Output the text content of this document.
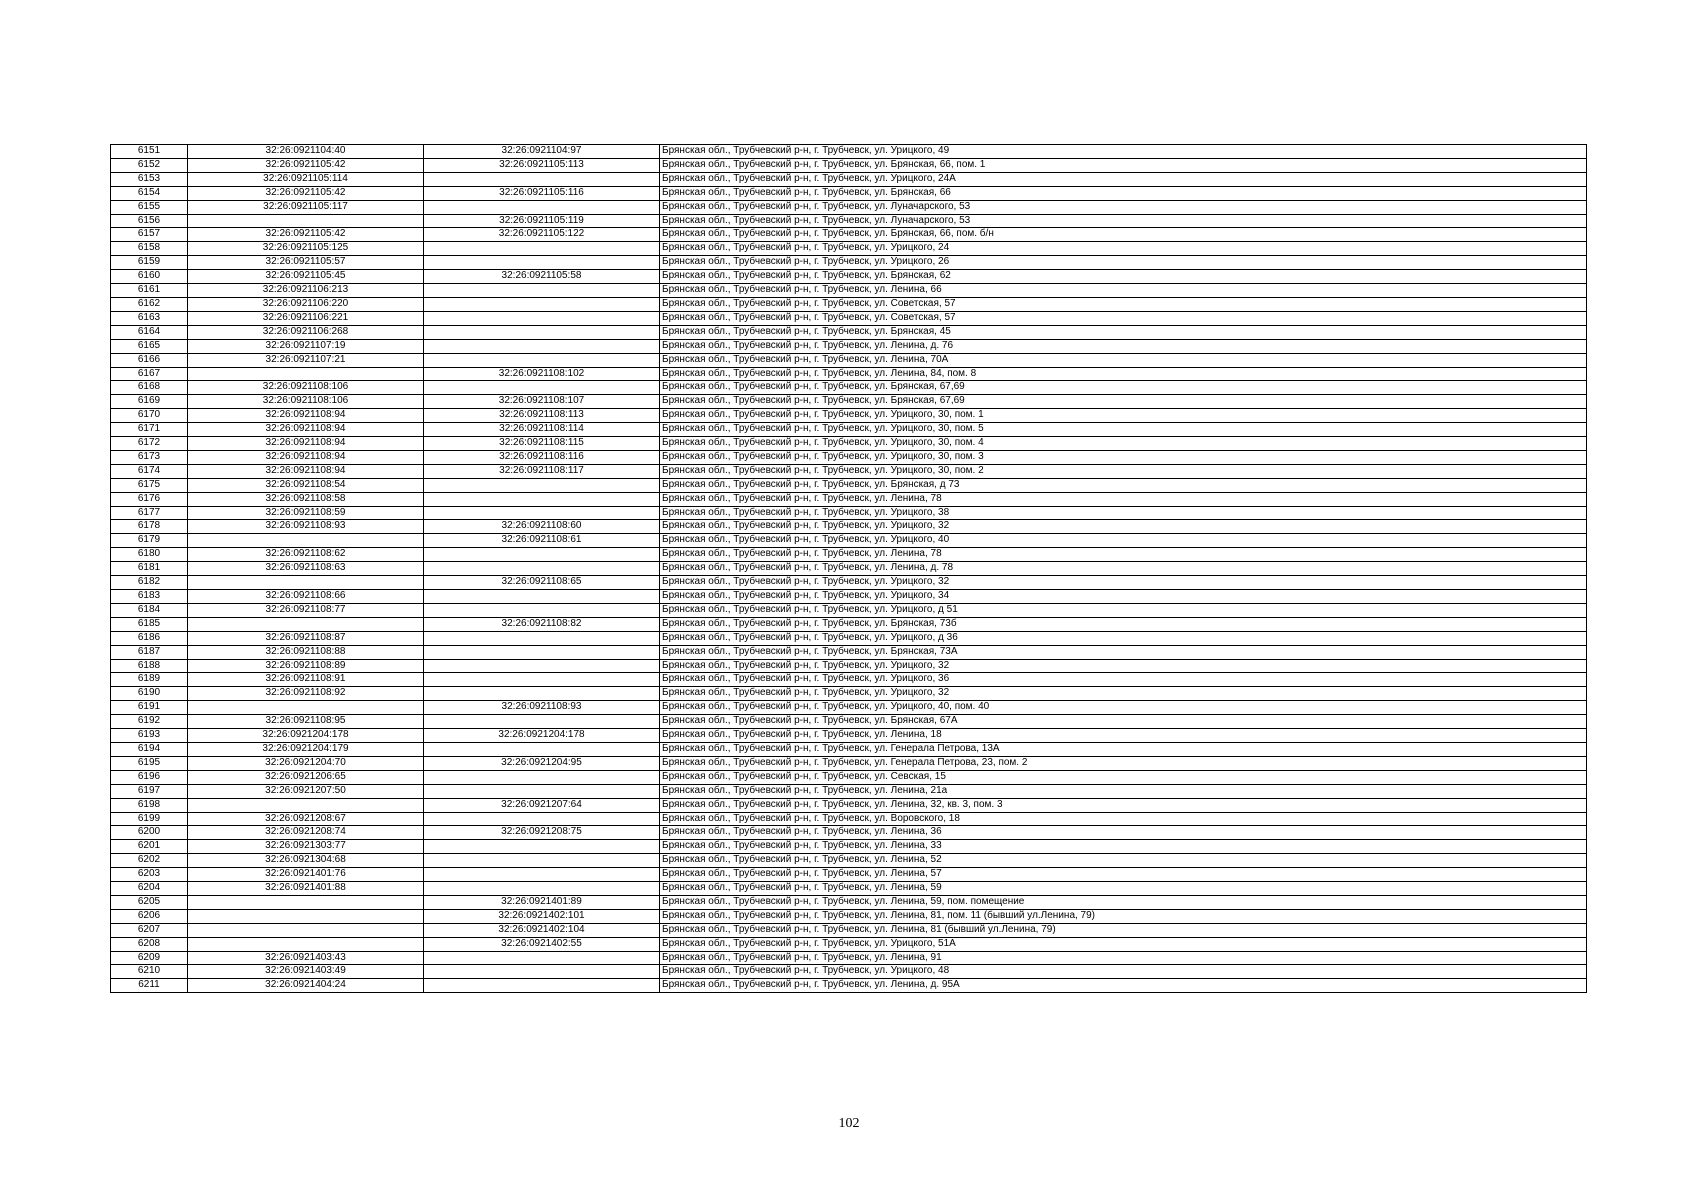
6151	32:26:0921104:40	32:26:0921104:97	Брянская обл., Трубчевский р-н, г. Трубчевск, ул. Урицкого, 49
6152	32:26:0921105:42	32:26:0921105:113	Брянская обл., Трубчевский р-н, г. Трубчевск, ул. Брянская, 66, пом. 1
6153	32:26:0921105:114		Брянская обл., Трубчевский р-н, г. Трубчевск, ул. Урицкого, 24А
6154	32:26:0921105:42	32:26:0921105:116	Брянская обл., Трубчевский р-н, г. Трубчевск, ул. Брянская, 66
6155	32:26:0921105:117		Брянская обл., Трубчевский р-н, г. Трубчевск, ул. Луначарского, 53
6156		32:26:0921105:119	Брянская обл., Трубчевский р-н, г. Трубчевск, ул. Луначарского, 53
6157	32:26:0921105:42	32:26:0921105:122	Брянская обл., Трубчевский р-н, г. Трубчевск, ул. Брянская, 66, пом. б/н
6158	32:26:0921105:125		Брянская обл., Трубчевский р-н, г. Трубчевск, ул. Урицкого, 24
6159	32:26:0921105:57		Брянская обл., Трубчевский р-н, г. Трубчевск, ул. Урицкого, 26
6160	32:26:0921105:45	32:26:0921105:58	Брянская обл., Трубчевский р-н, г. Трубчевск, ул. Брянская, 62
6161	32:26:0921106:213		Брянская обл., Трубчевский р-н, г. Трубчевск, ул. Ленина, 66
6162	32:26:0921106:220		Брянская обл., Трубчевский р-н, г. Трубчевск, ул. Советская, 57
6163	32:26:0921106:221		Брянская обл., Трубчевский р-н, г. Трубчевск, ул. Советская, 57
6164	32:26:0921106:268		Брянская обл., Трубчевский р-н, г. Трубчевск, ул. Брянская, 45
6165	32:26:0921107:19		Брянская обл., Трубчевский р-н, г. Трубчевск, ул. Ленина, д. 76
6166	32:26:0921107:21		Брянская обл., Трубчевский р-н, г. Трубчевск, ул. Ленина, 70А
6167		32:26:0921108:102	Брянская обл., Трубчевский р-н, г. Трубчевск, ул. Ленина, 84, пом. 8
6168	32:26:0921108:106		Брянская обл., Трубчевский р-н, г. Трубчевск, ул. Брянская, 67,69
6169	32:26:0921108:106	32:26:0921108:107	Брянская обл., Трубчевский р-н, г. Трубчевск, ул. Брянская, 67,69
6170	32:26:0921108:94	32:26:0921108:113	Брянская обл., Трубчевский р-н, г. Трубчевск, ул. Урицкого, 30, пом. 1
6171	32:26:0921108:94	32:26:0921108:114	Брянская обл., Трубчевский р-н, г. Трубчевск, ул. Урицкого, 30, пом. 5
6172	32:26:0921108:94	32:26:0921108:115	Брянская обл., Трубчевский р-н, г. Трубчевск, ул. Урицкого, 30, пом. 4
6173	32:26:0921108:94	32:26:0921108:116	Брянская обл., Трубчевский р-н, г. Трубчевск, ул. Урицкого, 30, пом. 3
6174	32:26:0921108:94	32:26:0921108:117	Брянская обл., Трубчевский р-н, г. Трубчевск, ул. Урицкого, 30, пом. 2
6175	32:26:0921108:54		Брянская обл., Трубчевский р-н, г. Трубчевск, ул. Брянская, д 73
6176	32:26:0921108:58		Брянская обл., Трубчевский р-н, г. Трубчевск, ул. Ленина, 78
6177	32:26:0921108:59		Брянская обл., Трубчевский р-н, г. Трубчевск, ул. Урицкого, 38
6178	32:26:0921108:93	32:26:0921108:60	Брянская обл., Трубчевский р-н, г. Трубчевск, ул. Урицкого, 32
6179		32:26:0921108:61	Брянская обл., Трубчевский р-н, г. Трубчевск, ул. Урицкого, 40
6180	32:26:0921108:62		Брянская обл., Трубчевский р-н, г. Трубчевск, ул. Ленина, 78
6181	32:26:0921108:63		Брянская обл., Трубчевский р-н, г. Трубчевск, ул. Ленина, д. 78
6182		32:26:0921108:65	Брянская обл., Трубчевский р-н, г. Трубчевск, ул. Урицкого, 32
6183	32:26:0921108:66		Брянская обл., Трубчевский р-н, г. Трубчевск, ул. Урицкого, 34
6184	32:26:0921108:77		Брянская обл., Трубчевский р-н, г. Трубчевск, ул. Урицкого, д 51
6185		32:26:0921108:82	Брянская обл., Трубчевский р-н, г. Трубчевск, ул. Брянская, 73б
6186	32:26:0921108:87		Брянская обл., Трубчевский р-н, г. Трубчевск, ул. Урицкого, д 36
6187	32:26:0921108:88		Брянская обл., Трубчевский р-н, г. Трубчевск, ул. Брянская, 73А
6188	32:26:0921108:89		Брянская обл., Трубчевский р-н, г. Трубчевск, ул. Урицкого, 32
6189	32:26:0921108:91		Брянская обл., Трубчевский р-н, г. Трубчевск, ул. Урицкого, 36
6190	32:26:0921108:92		Брянская обл., Трубчевский р-н, г. Трубчевск, ул. Урицкого, 32
6191		32:26:0921108:93	Брянская обл., Трубчевский р-н, г. Трубчевск, ул. Урицкого, 40, пом. 40
6192	32:26:0921108:95		Брянская обл., Трубчевский р-н, г. Трубчевск, ул. Брянская, 67А
6193	32:26:0921204:178	32:26:0921204:178	Брянская обл., Трубчевский р-н, г. Трубчевск, ул. Ленина, 18
6194	32:26:0921204:179		Брянская обл., Трубчевский р-н, г. Трубчевск, ул. Генерала Петрова, 13А
6195	32:26:0921204:70	32:26:0921204:95	Брянская обл., Трубчевский р-н, г. Трубчевск, ул. Генерала Петрова, 23, пом. 2
6196	32:26:0921206:65		Брянская обл., Трубчевский р-н, г. Трубчевск, ул. Севская, 15
6197	32:26:0921207:50		Брянская обл., Трубчевский р-н, г. Трубчевск, ул. Ленина, 21а
6198		32:26:0921207:64	Брянская обл., Трубчевский р-н, г. Трубчевск, ул. Ленина, 32, кв. 3, пом. 3
6199	32:26:0921208:67		Брянская обл., Трубчевский р-н, г. Трубчевск, ул. Воровского, 18
6200	32:26:0921208:74	32:26:0921208:75	Брянская обл., Трубчевский р-н, г. Трубчевск, ул. Ленина, 36
6201	32:26:0921303:77		Брянская обл., Трубчевский р-н, г. Трубчевск, ул. Ленина, 33
6202	32:26:0921304:68		Брянская обл., Трубчевский р-н, г. Трубчевск, ул. Ленина, 52
6203	32:26:0921401:76		Брянская обл., Трубчевский р-н, г. Трубчевск, ул. Ленина, 57
6204	32:26:0921401:88		Брянская обл., Трубчевский р-н, г. Трубчевск, ул. Ленина, 59
6205		32:26:0921401:89	Брянская обл., Трубчевский р-н, г. Трубчевск, ул. Ленина, 59, пом. помещение
6206		32:26:0921402:101	Брянская обл., Трубчевский р-н, г. Трубчевск, ул. Ленина, 81, пом. 11 (бывший ул.Ленина, 79)
6207		32:26:0921402:104	Брянская обл., Трубчевский р-н, г. Трубчевск, ул. Ленина, 81 (бывший ул.Ленина, 79)
6208		32:26:0921402:55	Брянская обл., Трубчевский р-н, г. Трубчевск, ул. Урицкого, 51А
6209	32:26:0921403:43		Брянская обл., Трубчевский р-н, г. Трубчевск, ул. Ленина, 91
6210	32:26:0921403:49		Брянская обл., Трубчевский р-н, г. Трубчевск, ул. Урицкого, 48
6211	32:26:0921404:24		Брянская обл., Трубчевский р-н, г. Трубчевск, ул. Ленина, д. 95А
102
